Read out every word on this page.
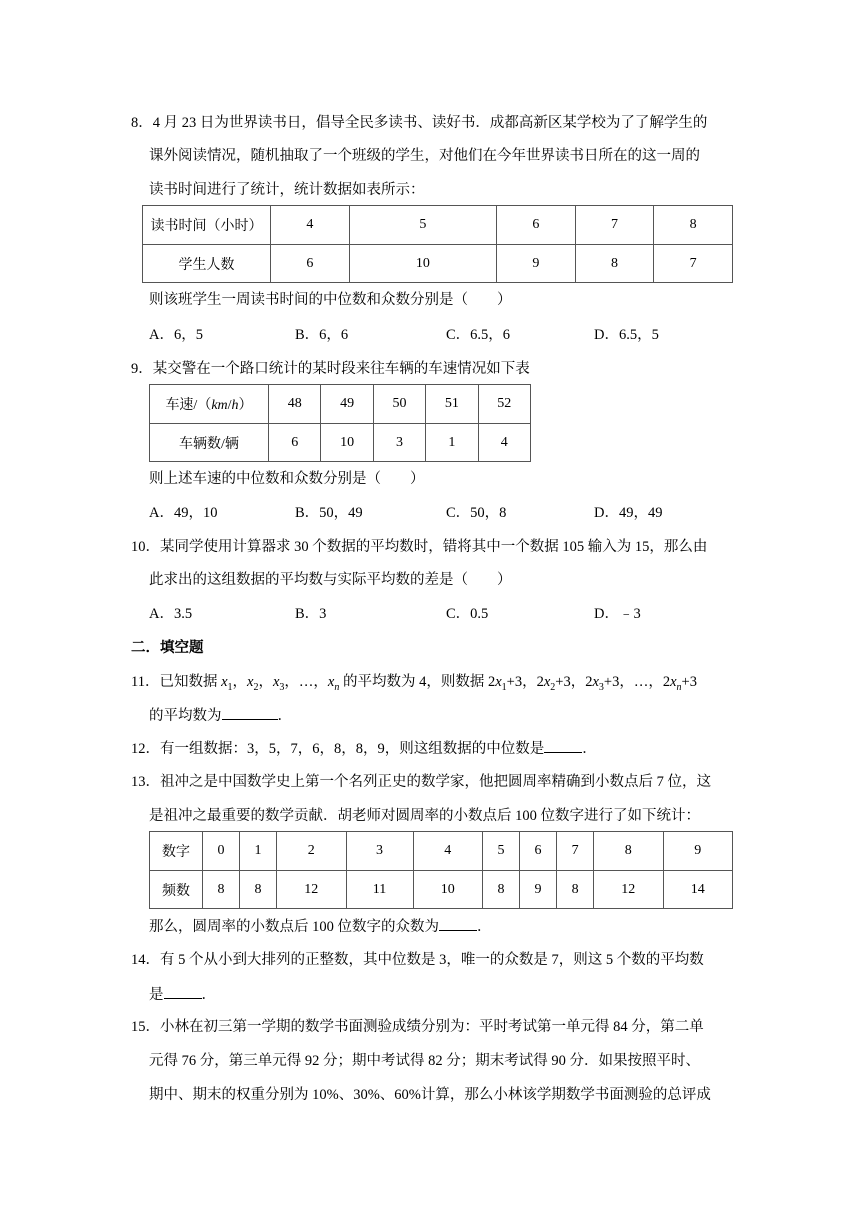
8．4 月 23 日为世界读书日，倡导全民多读书、读好书．成都高新区某学校为了了解学生的
课外阅读情况，随机抽取了一个班级的学生，对他们在今年世界读书日所在的这一周的
读书时间进行了统计，统计数据如表所示：
读书时间（小时）	4	5	6	7	8
学生人数	6	10	9	8	7
则该班学生一周读书时间的中位数和众数分别是（　　）
A．6，5	B．6，6	C．6.5，6	D．6.5，5
9．某交警在一个路口统计的某时段来往车辆的车速情况如下表
车速/（km/h）	48	49	50	51	52
车辆数/辆	6	10	3	1	4
则上述车速的中位数和众数分别是（　　）
A．49，10	B．50，49	C．50，8	D．49，49
10．某同学使用计算器求 30 个数据的平均数时，错将其中一个数据 105 输入为 15，那么由
此求出的这组数据的平均数与实际平均数的差是（　　）
A．3.5	B．3	C．0.5	D．﹣3
二．填空题
11．已知数据 $x_1$，$x_2$，$x_3$，…，$x_n$ 的平均数为 4，则数据 $2x_1+3$，$2x_2+3$，$2x_3+3$，…，$2x_n+3$
的平均数为	．
12．有一组数据：3，5，7，6，8，8，9，则这组数据的中位数是	．
13．祖冲之是中国数学史上第一个名列正史的数学家，他把圆周率精确到小数点后 7 位，这
是祖冲之最重要的数学贡献．胡老师对圆周率的小数点后 100 位数字进行了如下统计：
数字	0	1	2	3	4	5	6	7	8	9
频数	8	8	12	11	10	8	9	8	12	14
那么，圆周率的小数点后 100 位数字的众数为	．
14．有 5 个从小到大排列的正整数，其中位数是 3，唯一的众数是 7，则这 5 个数的平均数
是	．
15．小林在初三第一学期的数学书面测验成绩分别为：平时考试第一单元得 84 分，第二单
元得 76 分，第三单元得 92 分；期中考试得 82 分；期末考试得 90 分．如果按照平时、
期中、期末的权重分别为 10%、30%、60%计算，那么小林该学期数学书面测验的总评成
